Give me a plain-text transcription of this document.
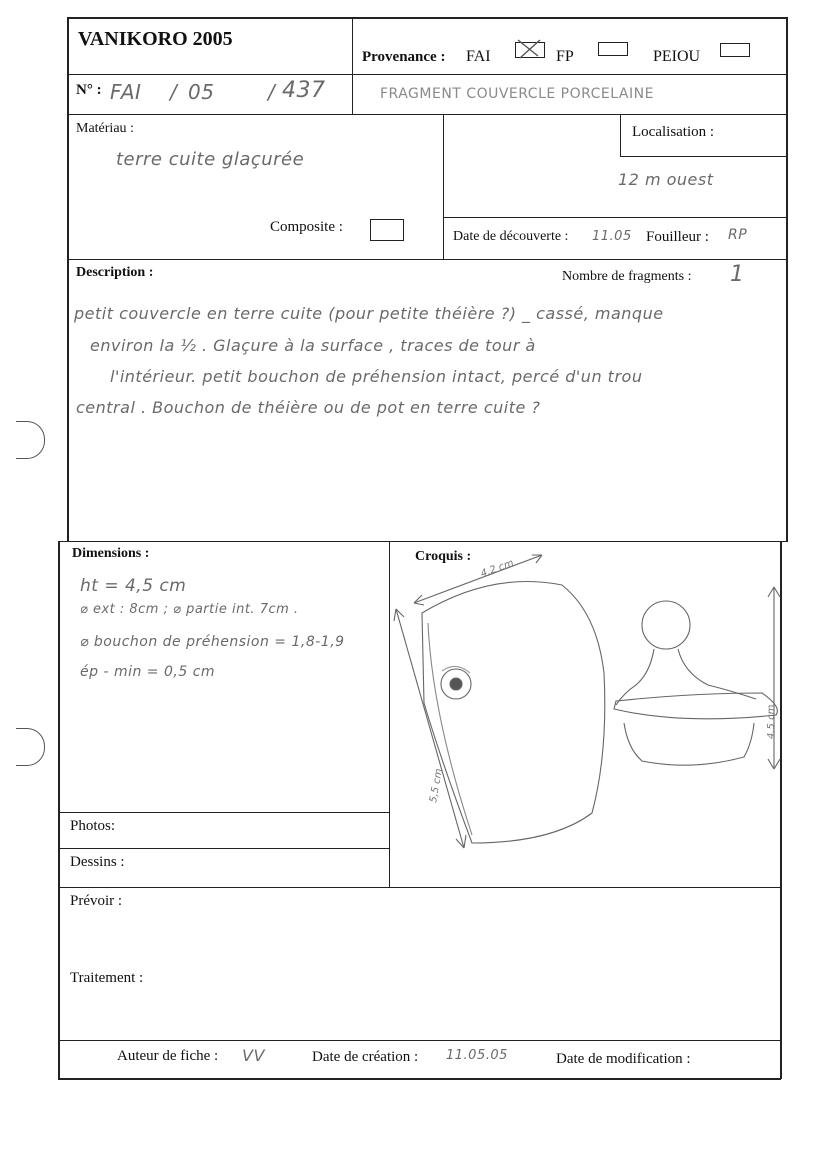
VANIKORO 2005
Provenance : FAI	FP	PEIOU
N° : FAI / 05	/ 437	FRAGMENT COUVERCLE PORCELAINE
Matériau :
terre cuite glaçurée
Composite :
Localisation :
12 m ouest
Date de découverte : 11.05 Fouilleur : RP
Description :	Nombre de fragments : 1
petit couvercle en terre cuite (pour petite théière ?) _ cassé, manque
environ la ½ . Glaçure à la surface , traces de tour à
l'intérieur. petit bouchon de préhension intact, percé d'un trou
central . Bouchon de théière ou de pot en terre cuite ?
Dimensions :
ht = 4,5 cm
⌀ ext : 8cm ; ⌀ partie int. 7cm .
⌀ bouchon de préhension = 1,8-1,9
ép - min = 0,5 cm
Croquis :
4,2 cm
5,5 cm
4,5 cm
Photos:
Dessins :
Prévoir :
Traitement :
Auteur de fiche : VV	Date de création : 11.05.05	Date de modification :
